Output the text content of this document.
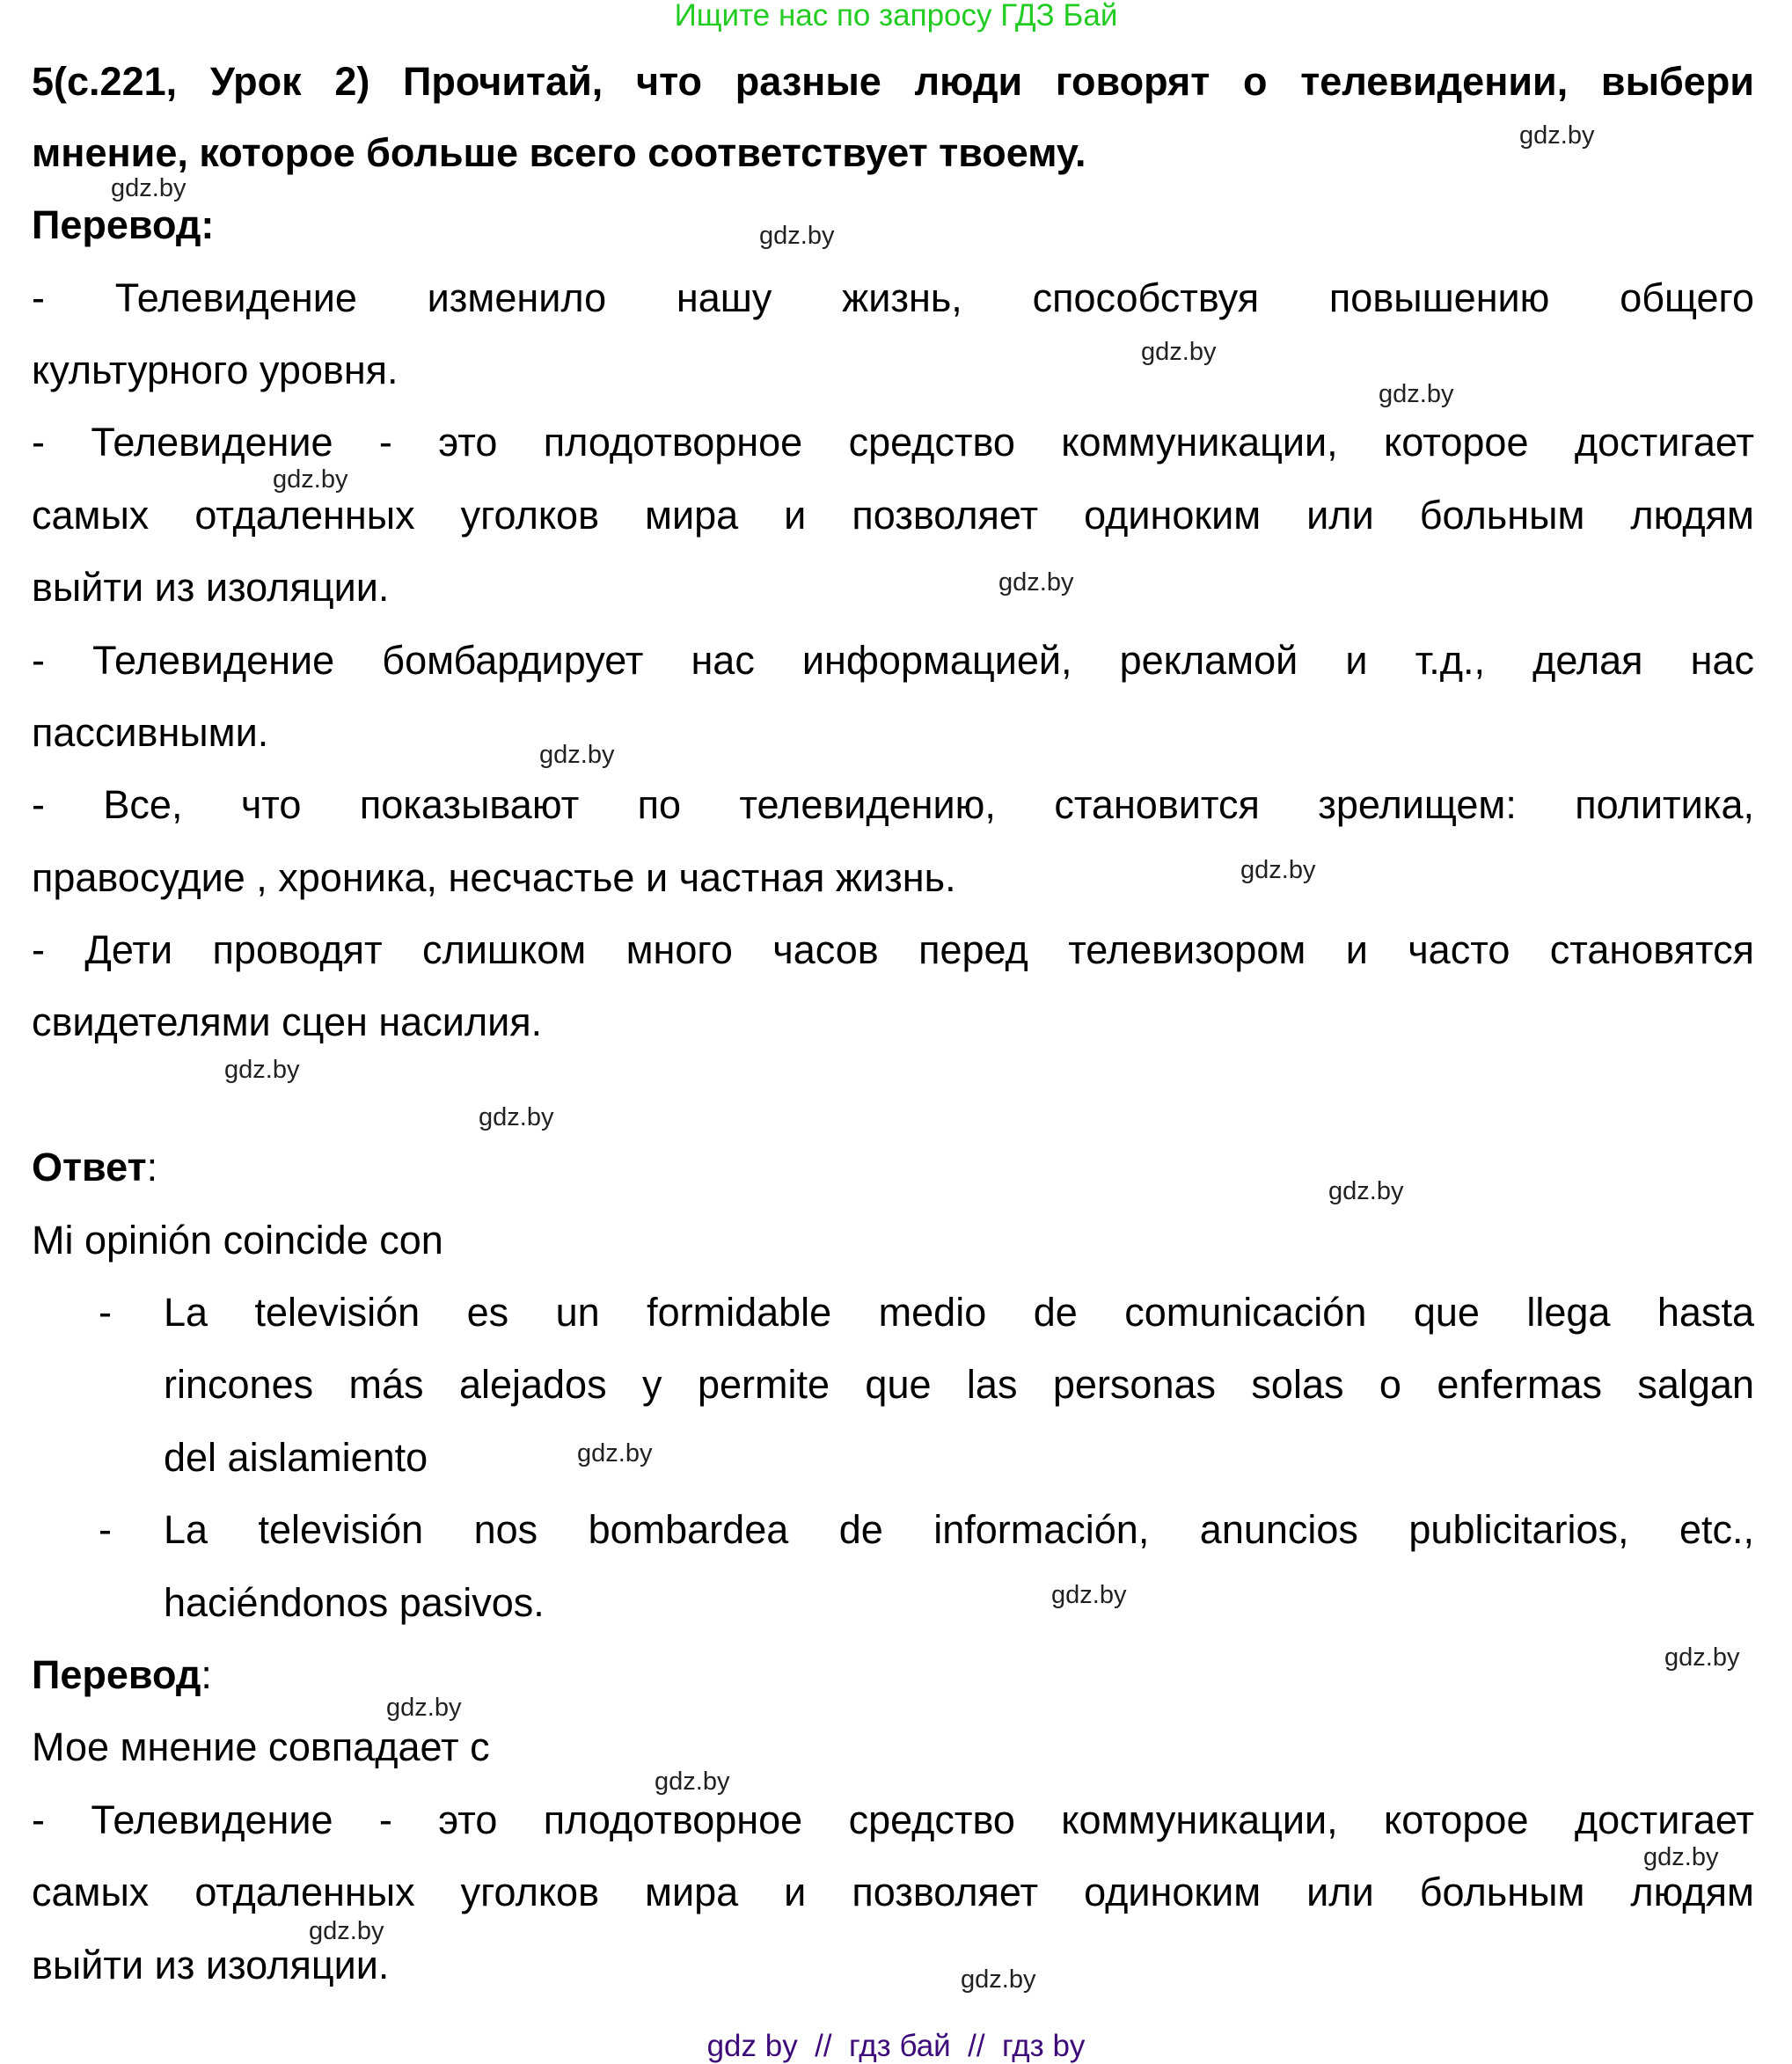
Ищите нас по запросу ГДЗ Бай
5(с.221, Урок 2) Прочитай, что разные люди говорят о телевидении, выбери
мнение, которое больше всего соответствует твоему.
Перевод:
- Телевидение изменило нашу жизнь, способствуя повышению общего
культурного уровня.
- Телевидение - это плодотворное средство коммуникации, которое достигает
самых отдаленных уголков мира и позволяет одиноким или больным людям
выйти из изоляции.
- Телевидение бомбардирует нас информацией, рекламой и т.д., делая нас
пассивными.
- Все, что показывают по телевидению, становится зрелищем: политика,
правосудие , хроника, несчастье и частная жизнь.
- Дети проводят слишком много часов перед телевизором и часто становятся
свидетелями сцен насилия.
Ответ:
Mi opinión coincide con
- La televisión es un formidable medio de comunicación que llega hasta
rincones más alejados y permite que las personas solas o enfermas salgan
del aislamiento
- La televisión nos bombardea de información, anuncios publicitarios, etc.,
haciéndonos pasivos.
Перевод:
Мое мнение совпадает с
- Телевидение - это плодотворное средство коммуникации, которое достигает
самых отдаленных уголков мира и позволяет одиноким или больным людям
выйти из изоляции.
gdz.by
gdz.by
gdz.by
gdz.by
gdz.by
gdz.by
gdz.by
gdz.by
gdz.by
gdz.by
gdz.by
gdz.by
gdz.by
gdz.by
gdz.by
gdz.by
gdz.by
gdz.by
gdz.by
gdz.by
gdz by  //  гдз бай  //  гдз by
